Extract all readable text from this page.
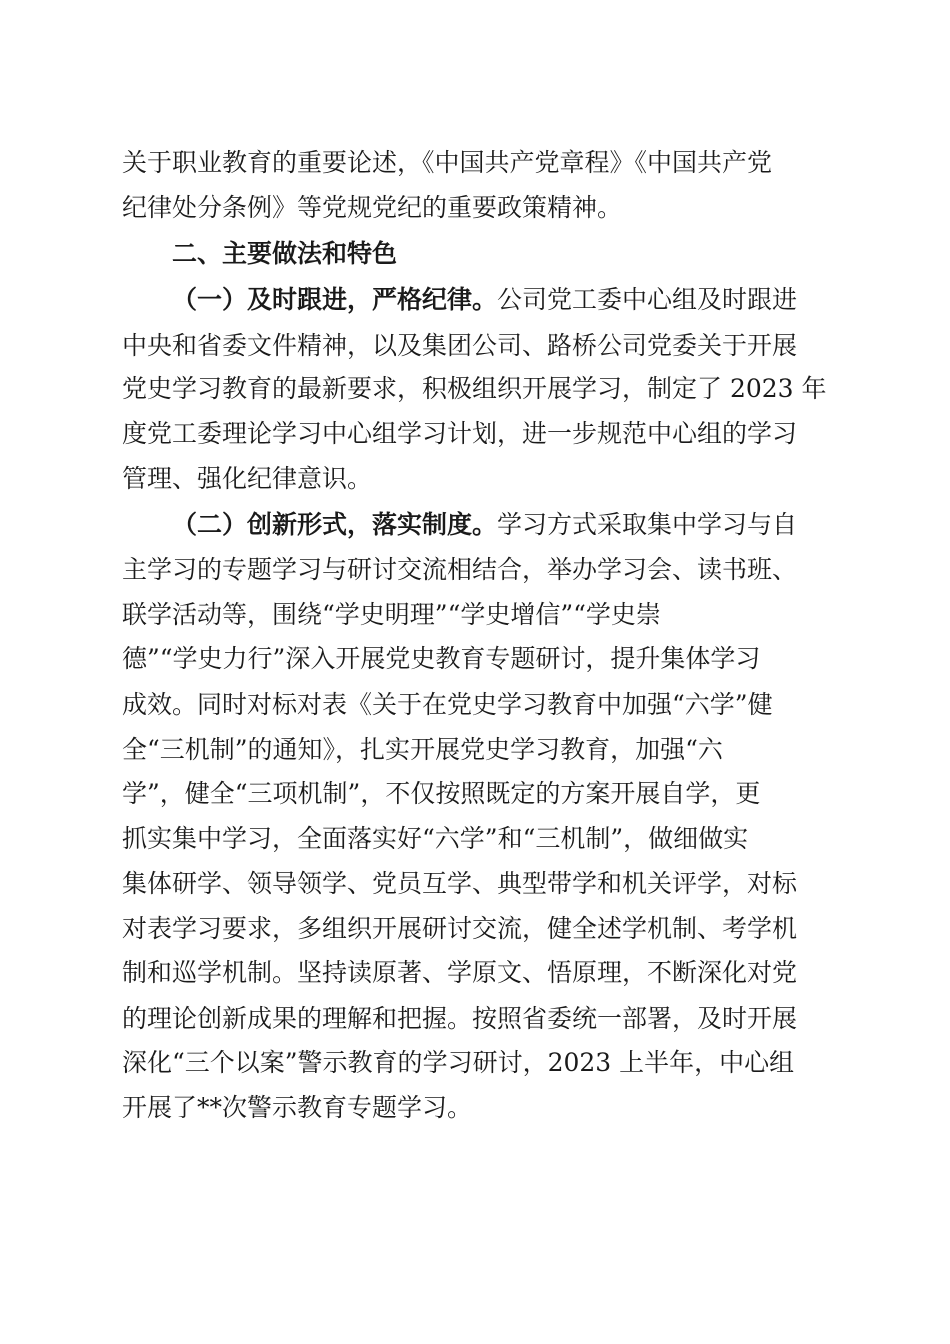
关于职业教育的重要论述，《中国共产党章程》《中国共产党
纪律处分条例》等党规党纪的重要政策精神。
二、主要做法和特色
（一）及时跟进，严格纪律。公司党工委中心组及时跟进
中央和省委文件精神，以及集团公司、路桥公司党委关于开展
党史学习教育的最新要求，积极组织开展学习，制定了 2023 年
度党工委理论学习中心组学习计划，进一步规范中心组的学习
管理、强化纪律意识。
（二）创新形式，落实制度。学习方式采取集中学习与自
主学习的专题学习与研讨交流相结合，举办学习会、读书班、
联学活动等，围绕“学史明理”“学史增信”“学史崇
德”“学史力行”深入开展党史教育专题研讨，提升集体学习
成效。同时对标对表《关于在党史学习教育中加强“六学”健
全“三机制”的通知》，扎实开展党史学习教育，加强“六
学”，健全“三项机制”，不仅按照既定的方案开展自学，更
抓实集中学习，全面落实好“六学”和“三机制”，做细做实
集体研学、领导领学、党员互学、典型带学和机关评学，对标
对表学习要求，多组织开展研讨交流，健全述学机制、考学机
制和巡学机制。坚持读原著、学原文、悟原理，不断深化对党
的理论创新成果的理解和把握。按照省委统一部署，及时开展
深化“三个以案”警示教育的学习研讨，2023 上半年，中心组
开展了**次警示教育专题学习。
